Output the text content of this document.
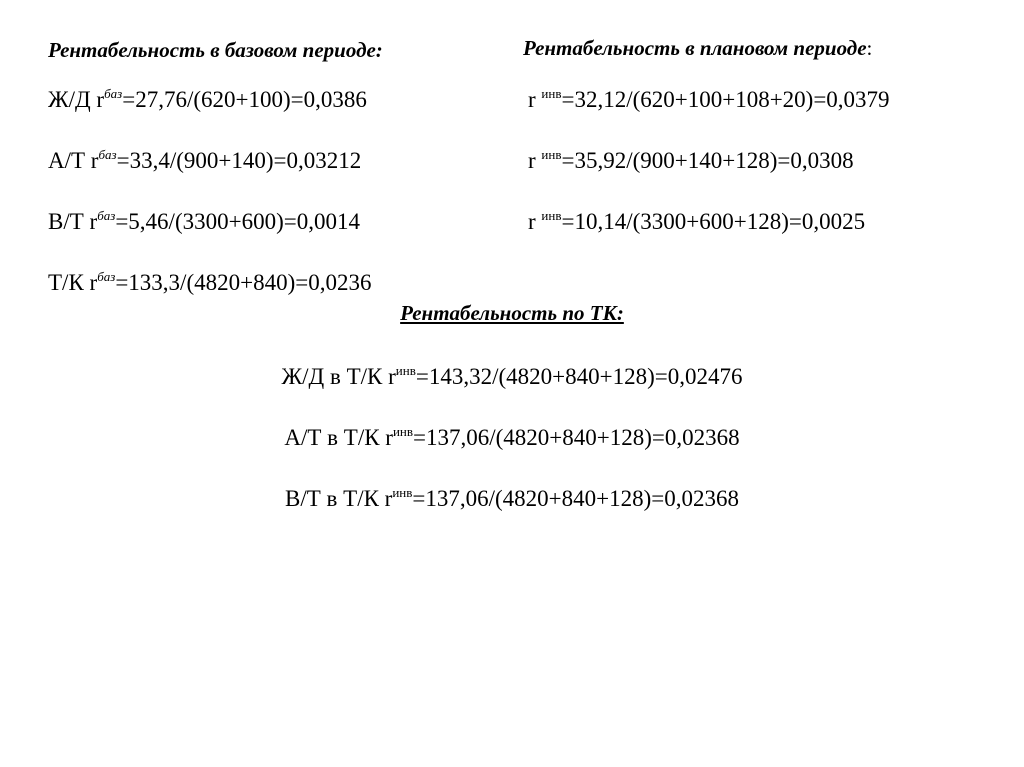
Рентабельность в базовом периоде:
Ж/Д $r^{баз}=27,76/(620+100)=0,0386$
А/Т $r^{баз}=33,4/(900+140)=0,03212$
В/Т $r^{баз}=5,46/(3300+600)=0,0014$
Т/К $r^{баз}=133,3/(4820+840)=0,0236$
Рентабельность в плановом периоде:
r $^{инв}$=32,12/(620+100+108+20)=0,0379
r $^{инв}$=35,92/(900+140+128)=0,0308
r $^{инв}$=10,14/(3300+600+128)=0,0025
Рентабельность по ТК:
Ж/Д в Т/К $r^{инв}=143,32/(4820+840+128)=0,02476$
А/Т в Т/К $r^{инв}=137,06/(4820+840+128)=0,02368$
В/Т в Т/К $r^{инв}=137,06/(4820+840+128)=0,02368$
